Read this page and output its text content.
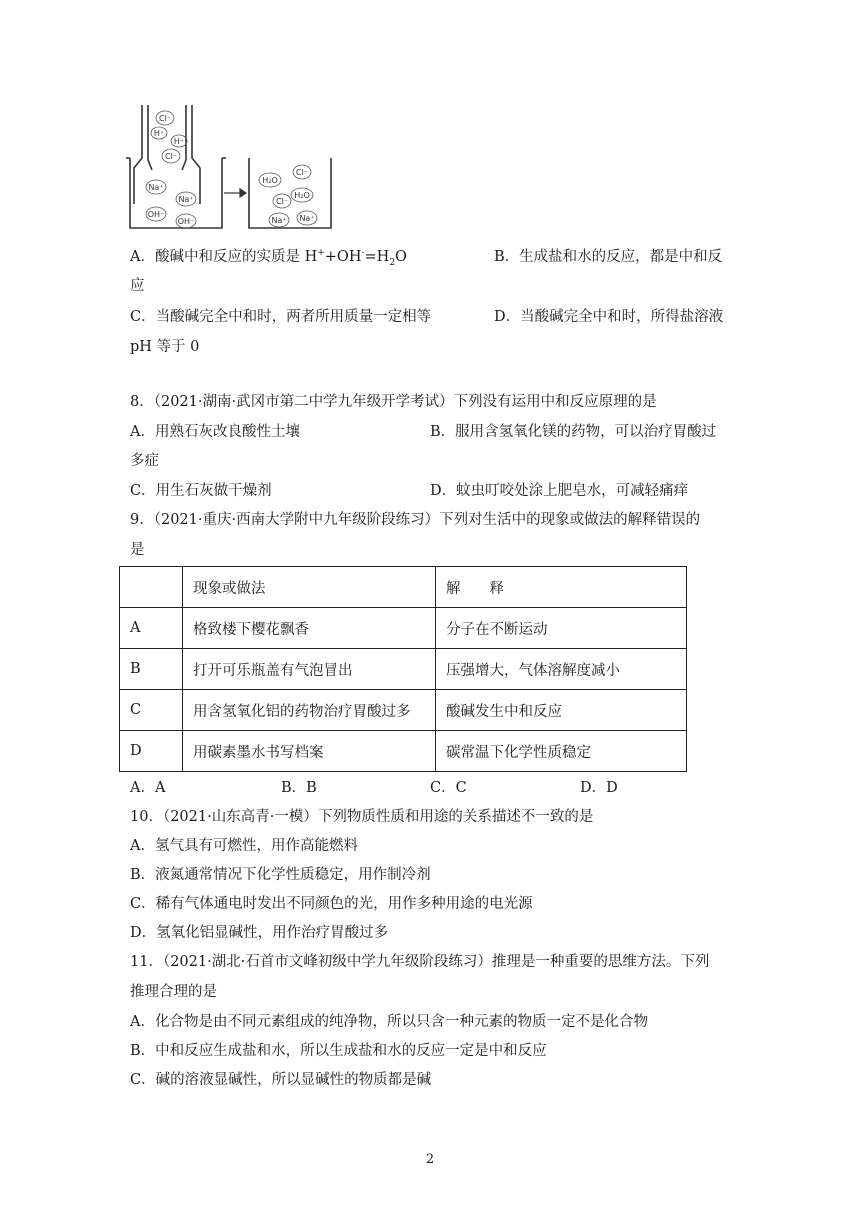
Cl⁻
H⁺
H⁺
Cl⁻
Na⁺
Na⁺
OH⁻
OH⁻
H₂O
Cl⁻
H₂O
Cl⁻
Na⁺ Na⁺
A．酸碱中和反应的实质是 $H^++OH^-=H_2O$	B．生成盐和水的反应，都是中和反
应
C．当酸碱完全中和时，两者所用质量一定相等	D．当酸碱完全中和时，所得盐溶液
pH 等于 0
8．（2021·湖南·武冈市第二中学九年级开学考试）下列没有运用中和反应原理的是
A．用熟石灰改良酸性土壤	B．服用含氢氧化镁的药物，可以治疗胃酸过
多症
C．用生石灰做干燥剂	D．蚊虫叮咬处涂上肥皂水，可减轻痛痒
9．（2021·重庆·西南大学附中九年级阶段练习）下列对生活中的现象或做法的解释错误的
是
	现象或做法	解　　释
A	格致楼下樱花飘香	分子在不断运动
B	打开可乐瓶盖有气泡冒出	压强增大，气体溶解度减小
C	用含氢氧化铝的药物治疗胃酸过多	酸碱发生中和反应
D	用碳素墨水书写档案	碳常温下化学性质稳定
A．A	B．B	C．C	D．D
10．（2021·山东高青·一模）下列物质性质和用途的关系描述不一致的是
A．氢气具有可燃性，用作高能燃料
B．液氮通常情况下化学性质稳定，用作制冷剂
C．稀有气体通电时发出不同颜色的光，用作多种用途的电光源
D．氢氧化铝显碱性，用作治疗胃酸过多
11．（2021·湖北·石首市文峰初级中学九年级阶段练习）推理是一种重要的思维方法。下列
推理合理的是
A．化合物是由不同元素组成的纯净物，所以只含一种元素的物质一定不是化合物
B．中和反应生成盐和水，所以生成盐和水的反应一定是中和反应
C．碱的溶液显碱性，所以显碱性的物质都是碱
2
